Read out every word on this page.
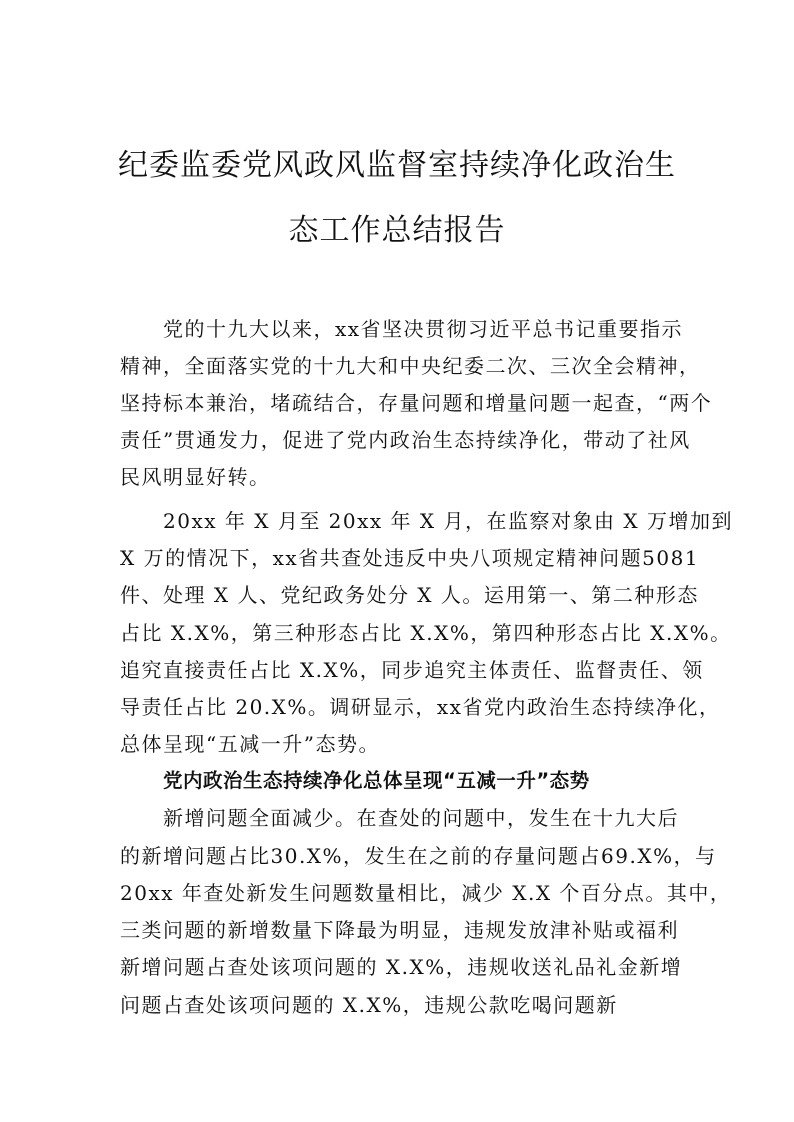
纪委监委党风政风监督室持续净化政治生
态工作总结报告
党的十九大以来，xx省坚决贯彻习近平总书记重要指示
精神，全面落实党的十九大和中央纪委二次、三次全会精神，
坚持标本兼治，堵疏结合，存量问题和增量问题一起查，“两个
责任”贯通发力，促进了党内政治生态持续净化，带动了社风
民风明显好转。
20xx 年 X 月至 20xx 年 X 月，在监察对象由 X 万增加到
X 万的情况下，xx省共查处违反中央八项规定精神问题5081
件、处理 X 人、党纪政务处分 X 人。运用第一、第二种形态
占比 X.X%，第三种形态占比 X.X%，第四种形态占比 X.X%。
追究直接责任占比 X.X%，同步追究主体责任、监督责任、领
导责任占比 20.X%。调研显示，xx省党内政治生态持续净化，
总体呈现“五减一升”态势。
党内政治生态持续净化总体呈现“五减一升”态势
新增问题全面减少。在查处的问题中，发生在十九大后
的新增问题占比30.X%，发生在之前的存量问题占69.X%，与
20xx 年查处新发生问题数量相比，减少 X.X 个百分点。其中，
三类问题的新增数量下降最为明显，违规发放津补贴或福利
新增问题占查处该项问题的 X.X%，违规收送礼品礼金新增
问题占查处该项问题的 X.X%，违规公款吃喝问题新
